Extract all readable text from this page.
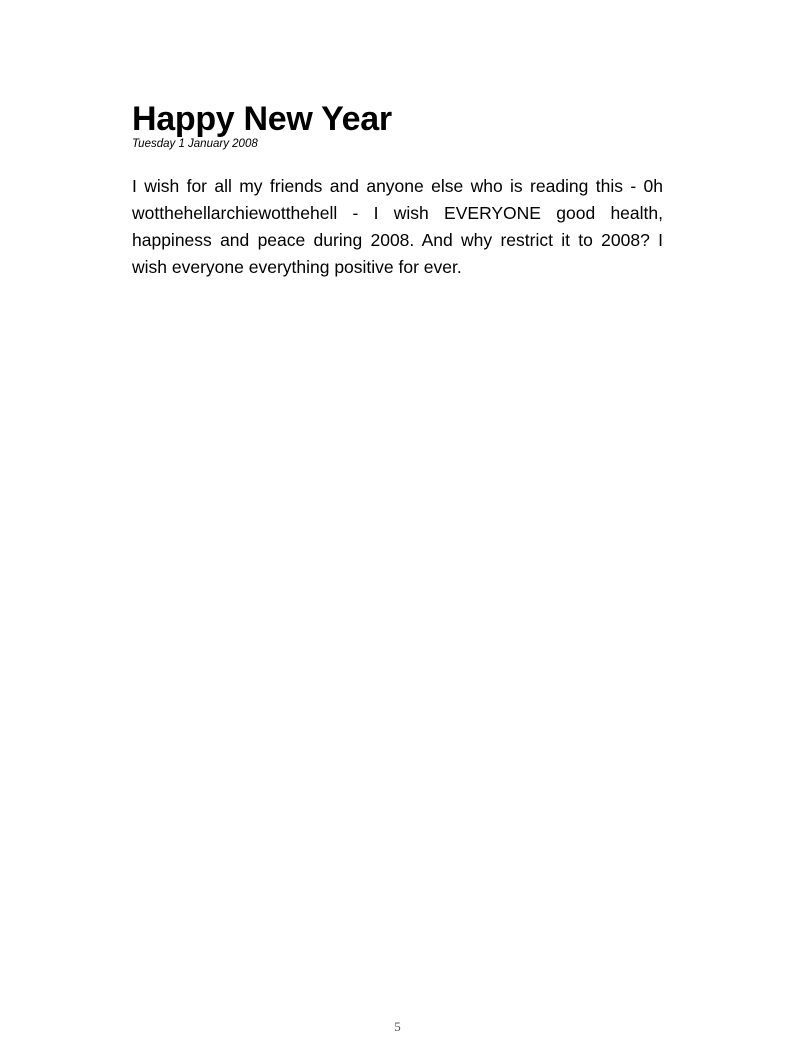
Happy New Year

Tuesday 1 January 2008

I wish for all my friends and anyone else who is reading this - 0h wotthehellarchiewotthehell - I wish EVERYONE good health, happiness and peace during 2008. And why restrict it to 2008? I wish everyone everything positive for ever.

5
